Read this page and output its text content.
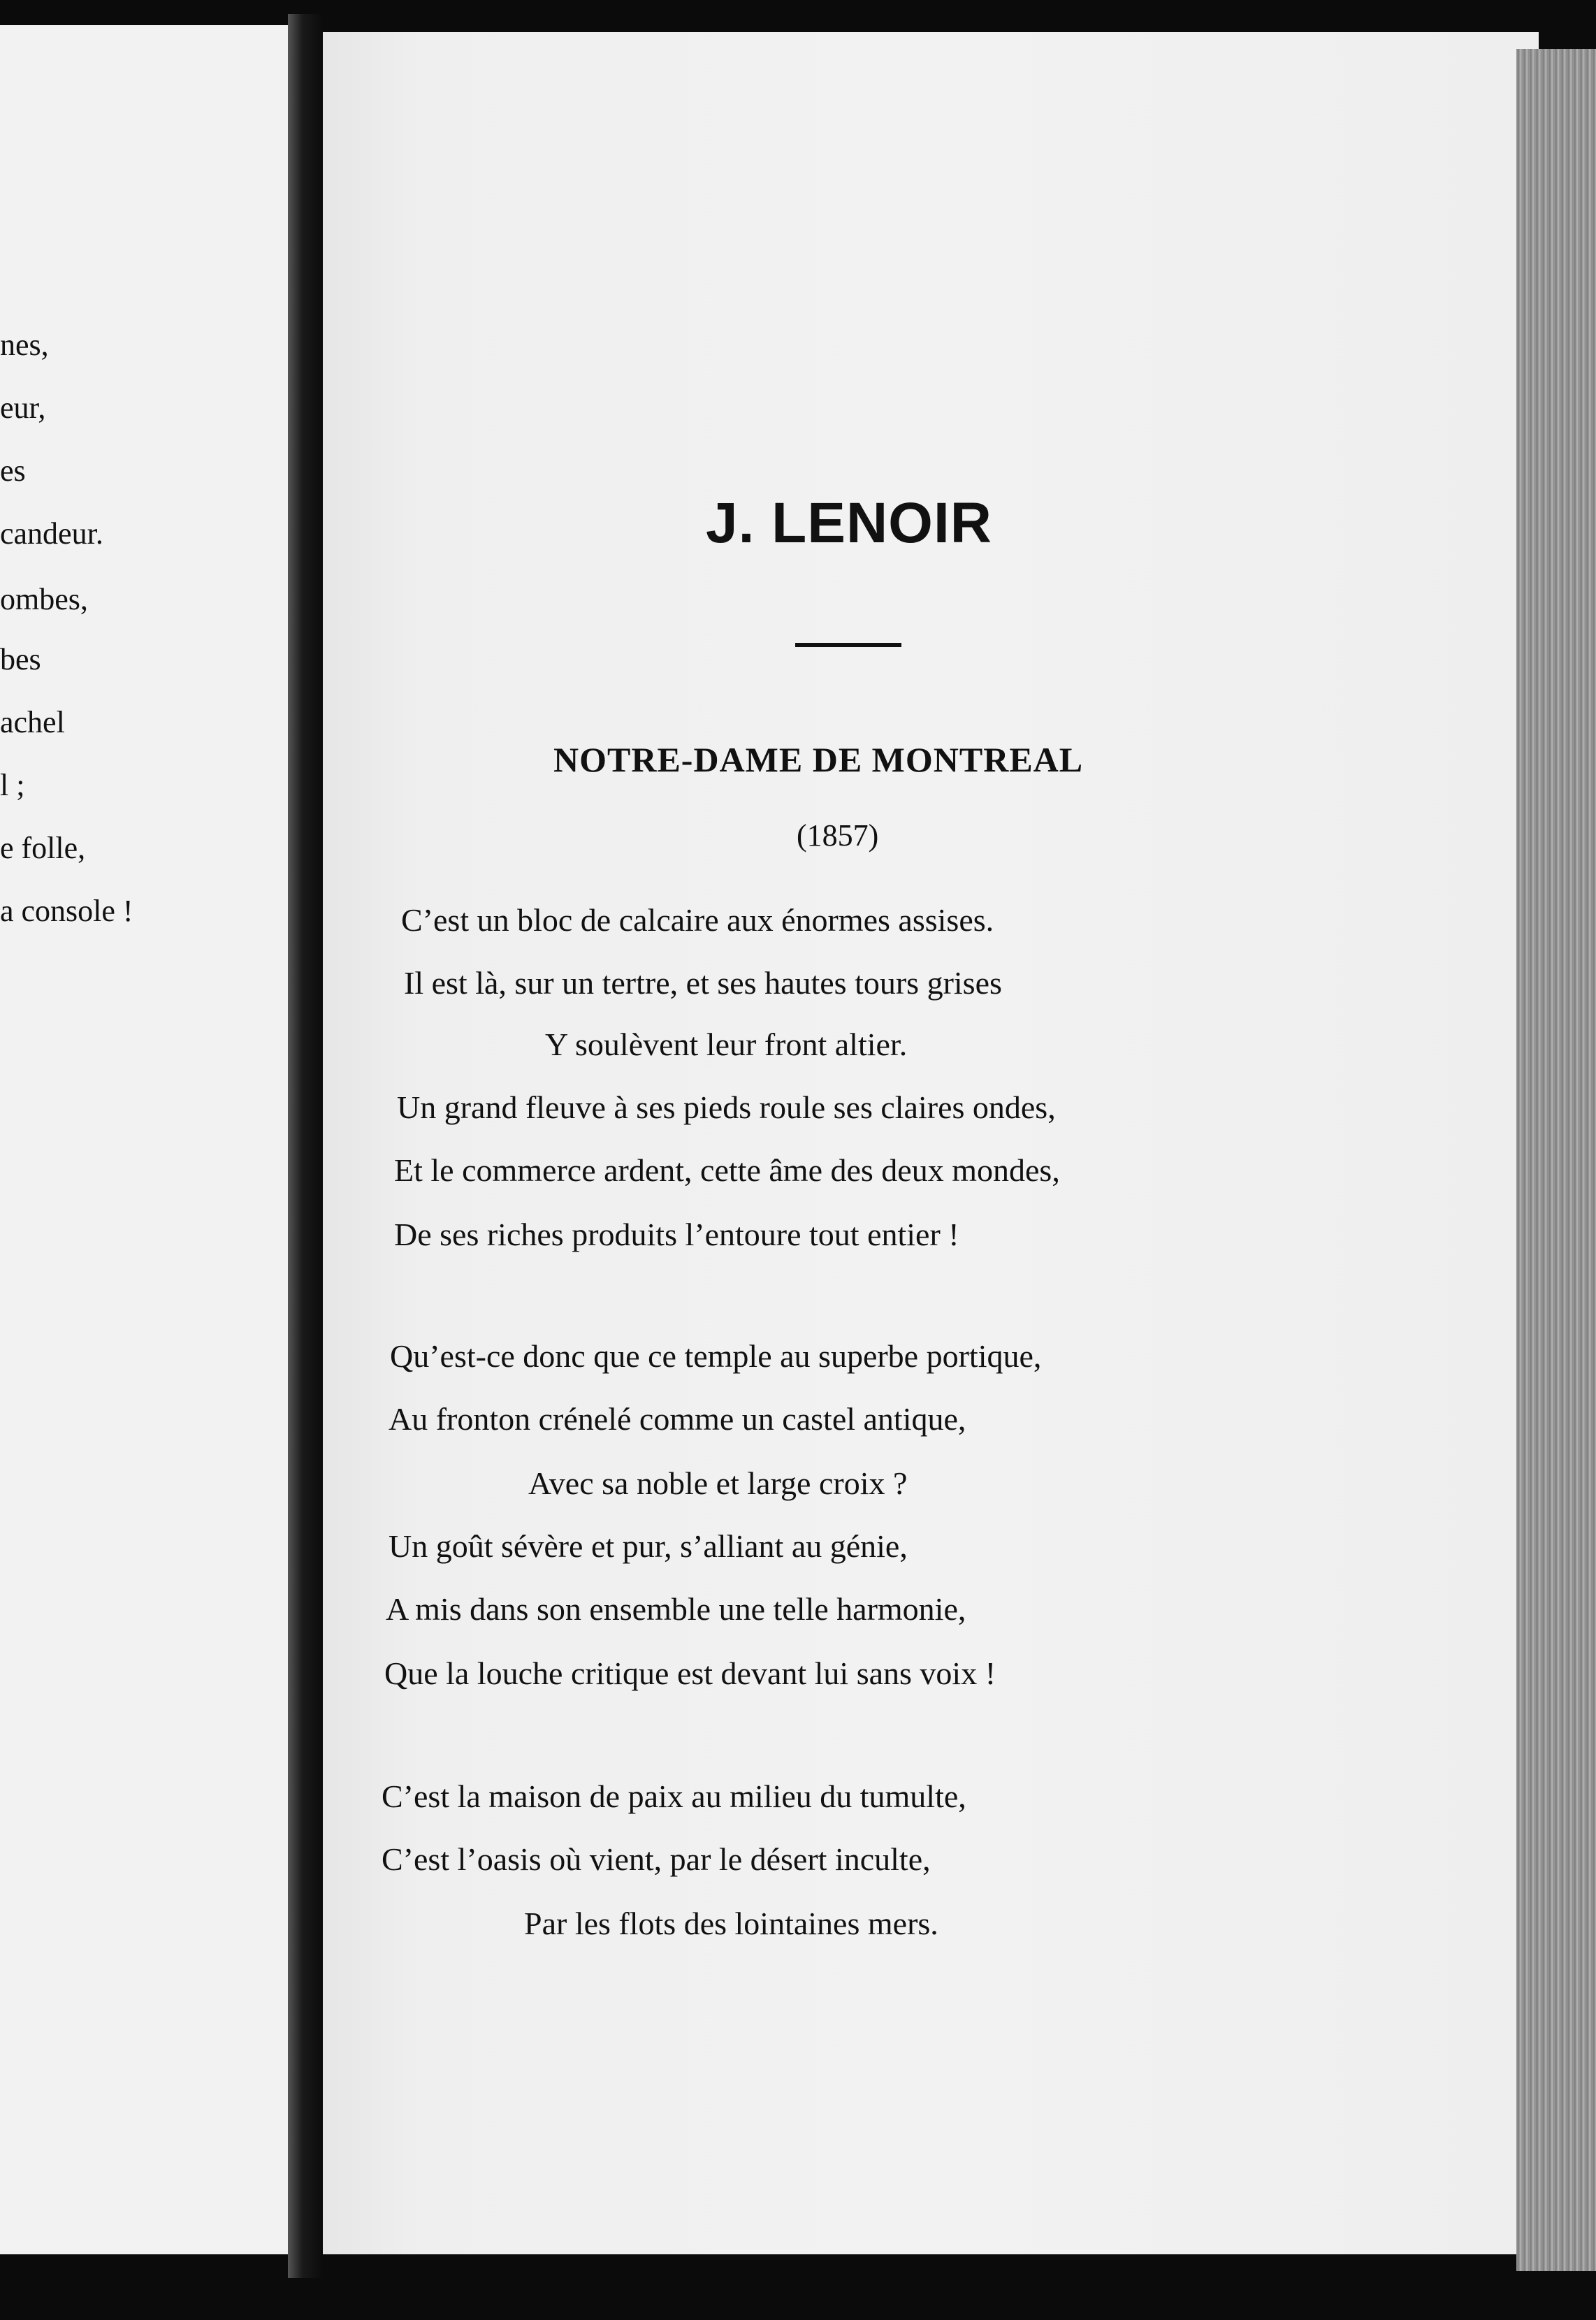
nes,
eur,
es
candeur.
ombes,
bes
achel
l ;
e folle,
a console !
J. LENOIR
NOTRE-DAME DE MONTREAL
(1857)
C’est un bloc de calcaire aux énormes assises.
Il est là, sur un tertre, et ses hautes tours grises
Y soulèvent leur front altier.
Un grand fleuve à ses pieds roule ses claires ondes,
Et le commerce ardent, cette âme des deux mondes,
De ses riches produits l’entoure tout entier !
Qu’est-ce donc que ce temple au superbe portique,
Au fronton crénelé comme un castel antique,
Avec sa noble et large croix ?
Un goût sévère et pur, s’alliant au génie,
A mis dans son ensemble une telle harmonie,
Que la louche critique est devant lui sans voix !
C’est la maison de paix au milieu du tumulte,
C’est l’oasis où vient, par le désert inculte,
Par les flots des lointaines mers.
